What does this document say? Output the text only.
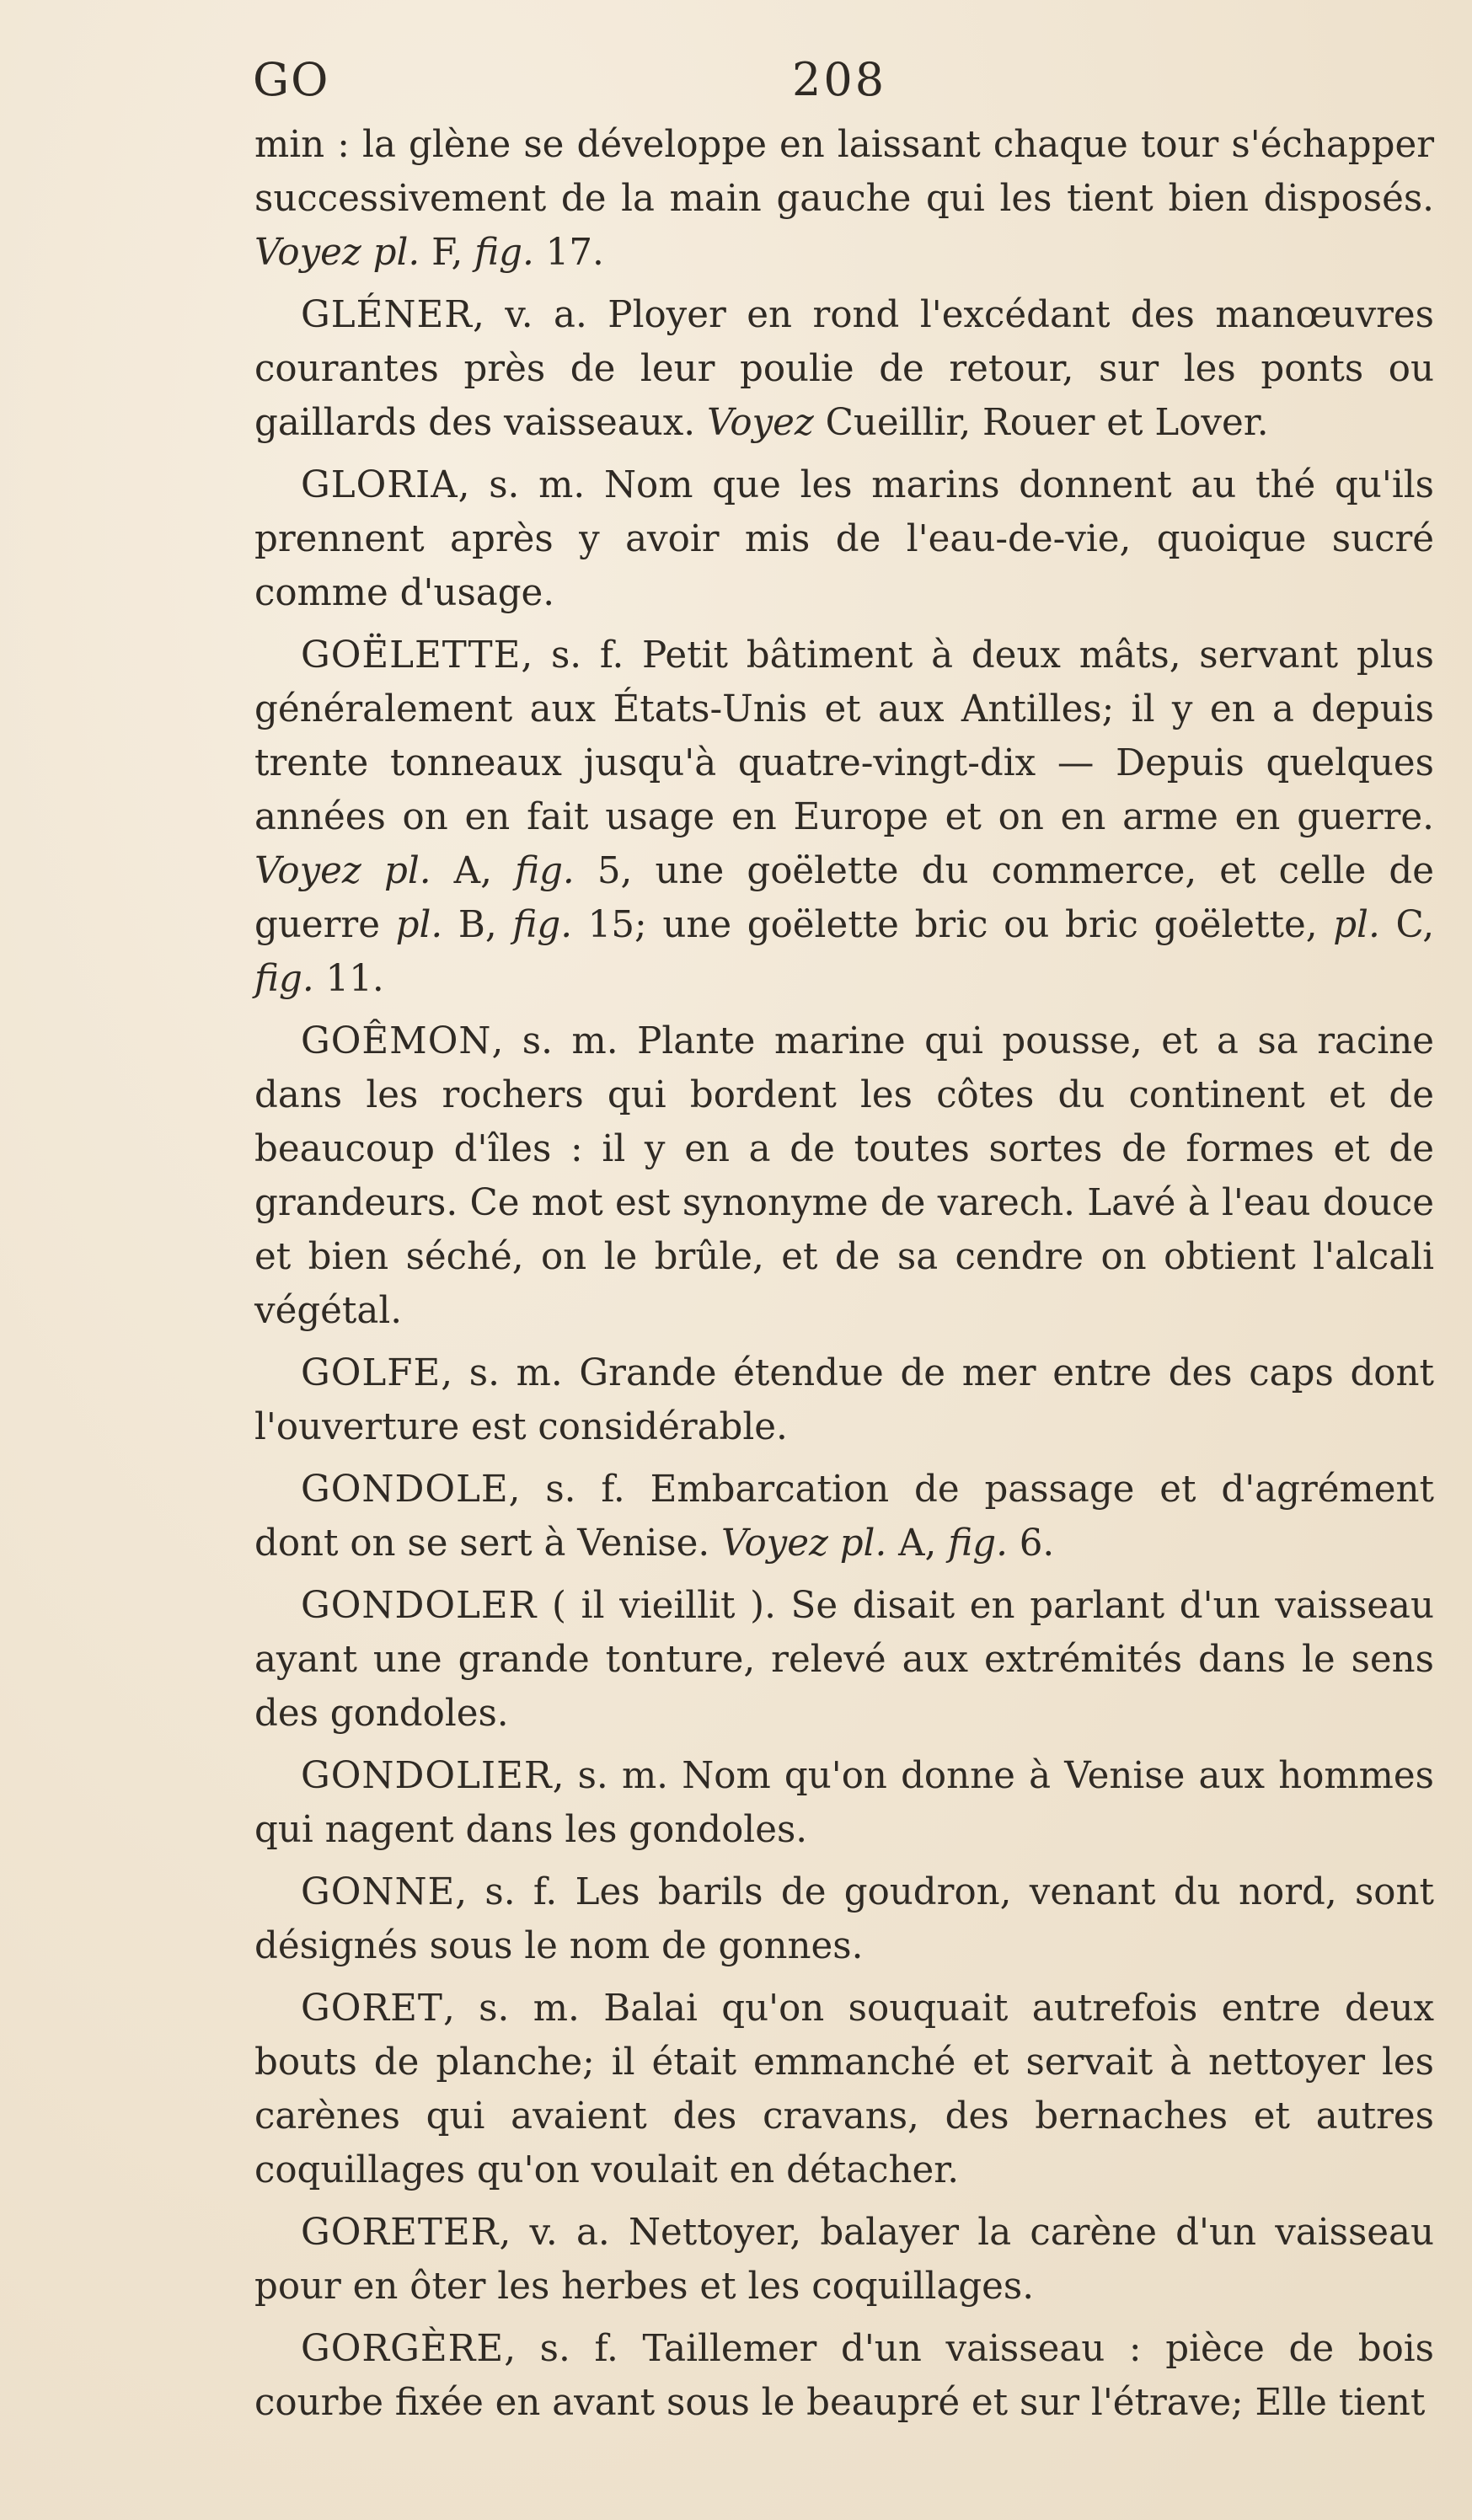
GO	208

min : la glène se développe en laissant chaque tour s'échapper successivement de la main gauche qui les tient bien disposés. Voyez pl. F, fig. 17.

GLÉNER, v. a. Ployer en rond l'excédant des manœuvres courantes près de leur poulie de retour, sur les ponts ou gaillards des vaisseaux. Voyez Cueillir, Rouer et Lover.

GLORIA, s. m. Nom que les marins donnent au thé qu'ils prennent après y avoir mis de l'eau-de-vie, quoique sucré comme d'usage.

GOËLETTE, s. f. Petit bâtiment à deux mâts, servant plus généralement aux États-Unis et aux Antilles; il y en a depuis trente tonneaux jusqu'à quatre-vingt-dix — Depuis quelques années on en fait usage en Europe et on en arme en guerre. Voyez pl. A, fig. 5, une goëlette du commerce, et celle de guerre pl. B, fig. 15; une goëlette bric ou bric goëlette, pl. C, fig. 11.

GOÊMON, s. m. Plante marine qui pousse, et a sa racine dans les rochers qui bordent les côtes du continent et de beaucoup d'îles : il y en a de toutes sortes de formes et de grandeurs. Ce mot est synonyme de varech. Lavé à l'eau douce et bien séché, on le brûle, et de sa cendre on obtient l'alcali végétal.

GOLFE, s. m. Grande étendue de mer entre des caps dont l'ouverture est considérable.

GONDOLE, s. f. Embarcation de passage et d'agrément dont on se sert à Venise. Voyez pl. A, fig. 6.

GONDOLER ( il vieillit ). Se disait en parlant d'un vaisseau ayant une grande tonture, relevé aux extrémités dans le sens des gondoles.

GONDOLIER, s. m. Nom qu'on donne à Venise aux hommes qui nagent dans les gondoles.

GONNE, s. f. Les barils de goudron, venant du nord, sont désignés sous le nom de gonnes.

GORET, s. m. Balai qu'on souquait autrefois entre deux bouts de planche; il était emmanché et servait à nettoyer les carènes qui avaient des cravans, des bernaches et autres coquillages qu'on voulait en détacher.

GORETER, v. a. Nettoyer, balayer la carène d'un vaisseau pour en ôter les herbes et les coquillages.

GORGÈRE, s. f. Taillemer d'un vaisseau : pièce de bois courbe fixée en avant sous le beaupré et sur l'étrave; Elle tient
